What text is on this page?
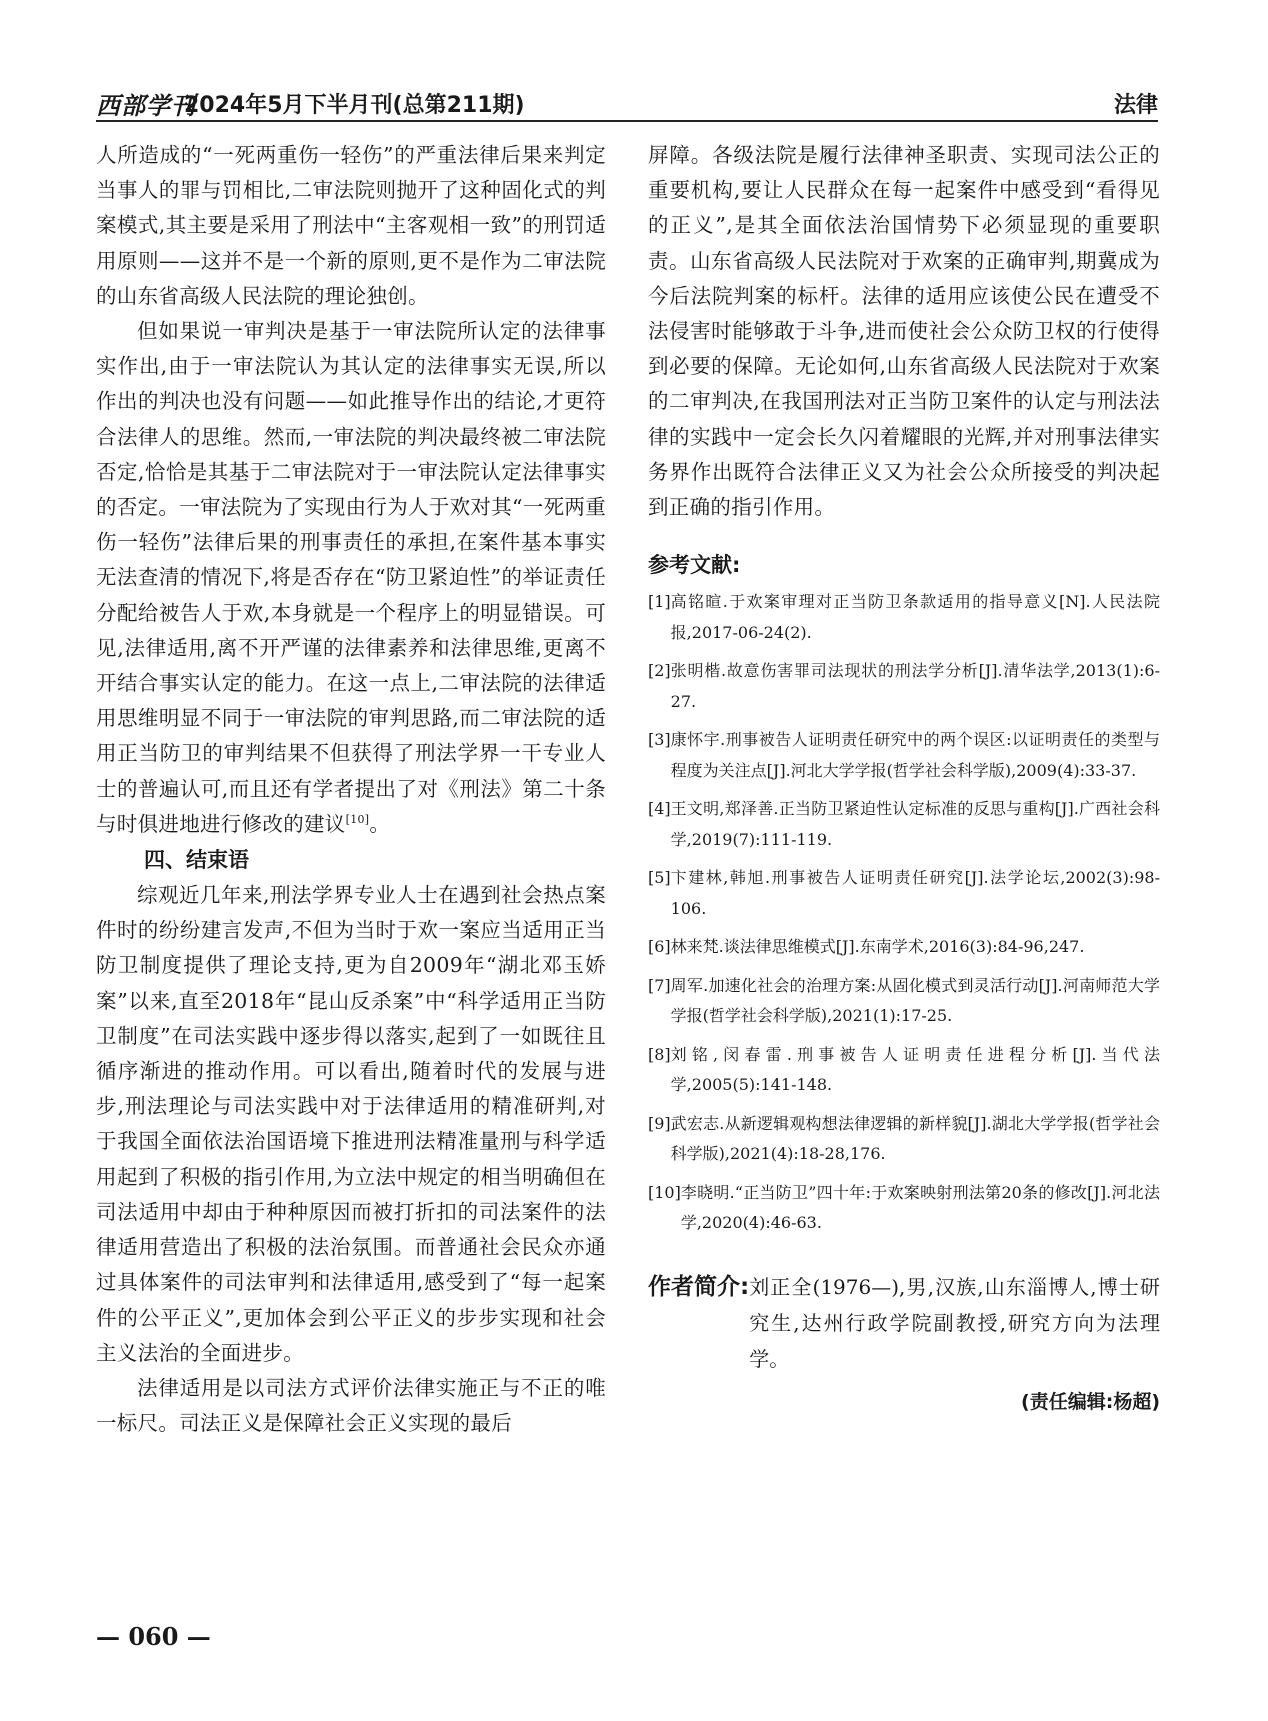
西部学刊
2024年5月下半月刊(总第211期)	法律

人所造成的“一死两重伤一轻伤”的严重法律后果来判定当事人的罪与罚相比,二审法院则抛开了这种固化式的判案模式,其主要是采用了刑法中“主客观相一致”的刑罚适用原则——这并不是一个新的原则,更不是作为二审法院的山东省高级人民法院的理论独创。

但如果说一审判决是基于一审法院所认定的法律事实作出,由于一审法院认为其认定的法律事实无误,所以作出的判决也没有问题——如此推导作出的结论,才更符合法律人的思维。然而,一审法院的判决最终被二审法院否定,恰恰是其基于二审法院对于一审法院认定法律事实的否定。一审法院为了实现由行为人于欢对其“一死两重伤一轻伤”法律后果的刑事责任的承担,在案件基本事实无法查清的情况下,将是否存在“防卫紧迫性”的举证责任分配给被告人于欢,本身就是一个程序上的明显错误。可见,法律适用,离不开严谨的法律素养和法律思维,更离不开结合事实认定的能力。在这一点上,二审法院的法律适用思维明显不同于一审法院的审判思路,而二审法院的适用正当防卫的审判结果不但获得了刑法学界一干专业人士的普遍认可,而且还有学者提出了对《刑法》第二十条与时俱进地进行修改的建议[10]。

四、结束语

综观近几年来,刑法学界专业人士在遇到社会热点案件时的纷纷建言发声,不但为当时于欢一案应当适用正当防卫制度提供了理论支持,更为自2009年“湖北邓玉娇案”以来,直至2018年“昆山反杀案”中“科学适用正当防卫制度”在司法实践中逐步得以落实,起到了一如既往且循序渐进的推动作用。可以看出,随着时代的发展与进步,刑法理论与司法实践中对于法律适用的精准研判,对于我国全面依法治国语境下推进刑法精准量刑与科学适用起到了积极的指引作用,为立法中规定的相当明确但在司法适用中却由于种种原因而被打折扣的司法案件的法律适用营造出了积极的法治氛围。而普通社会民众亦通过具体案件的司法审判和法律适用,感受到了“每一起案件的公平正义”,更加体会到公平正义的步步实现和社会主义法治的全面进步。

法律适用是以司法方式评价法律实施正与不正的唯一标尺。司法正义是保障社会正义实现的最后

屏障。各级法院是履行法律神圣职责、实现司法公正的重要机构,要让人民群众在每一起案件中感受到“看得见的正义”,是其全面依法治国情势下必须显现的重要职责。山东省高级人民法院对于欢案的正确审判,期冀成为今后法院判案的标杆。法律的适用应该使公民在遭受不法侵害时能够敢于斗争,进而使社会公众防卫权的行使得到必要的保障。无论如何,山东省高级人民法院对于欢案的二审判决,在我国刑法对正当防卫案件的认定与刑法法律的实践中一定会长久闪着耀眼的光辉,并对刑事法律实务界作出既符合法律正义又为社会公众所接受的判决起到正确的指引作用。

参考文献:
[1] 高铭暄.于欢案审理对正当防卫条款适用的指导意义[N].人民法院报,2017-06-24(2).
[2] 张明楷.故意伤害罪司法现状的刑法学分析[J].清华法学,2013(1):6-27.
[3] 康怀宇.刑事被告人证明责任研究中的两个误区:以证明责任的类型与程度为关注点[J].河北大学学报(哲学社会科学版),2009(4):33-37.
[4] 王文明,郑泽善.正当防卫紧迫性认定标准的反思与重构[J].广西社会科学,2019(7):111-119.
[5] 卞建林,韩旭.刑事被告人证明责任研究[J].法学论坛,2002(3):98-106.
[6] 林来梵.谈法律思维模式[J].东南学术,2016(3):84-96,247.
[7] 周军.加速化社会的治理方案:从固化模式到灵活行动[J].河南师范大学学报(哲学社会科学版),2021(1):17-25.
[8] 刘铭,闵春雷.刑事被告人证明责任进程分析[J].当代法学,2005(5):141-148.
[9] 武宏志.从新逻辑观构想法律逻辑的新样貌[J].湖北大学学报(哲学社会科学版),2021(4):18-28,176.
[10] 李晓明.“正当防卫”四十年:于欢案映射刑法第20条的修改[J].河北法学,2020(4):46-63.
作者简介: 刘正全(1976—),男,汉族,山东淄博人,博士研究生,达州行政学院副教授,研究方向为法理学。
(责任编辑:杨超)
— 060 —
